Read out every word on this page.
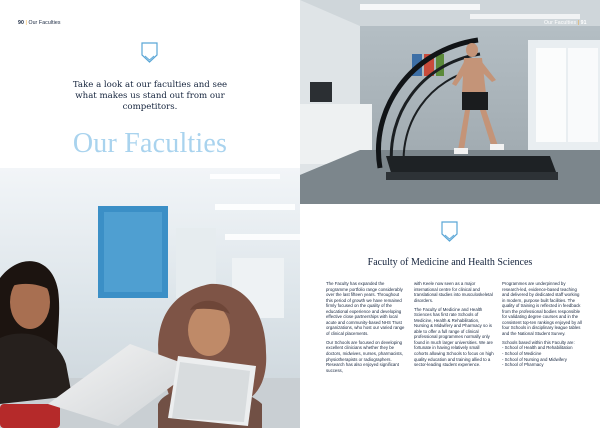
90 | Our Faculties
Take a look at our faculties and see what makes us stand out from our competitors.
Our Faculties
Our Faculties | 91
Faculty of Medicine and Health Sciences

The Faculty has expanded the programme portfolio range considerably over the last fifteen years. Throughout this period of growth we have remained firmly focused on the quality of the educational experience and developing effective close partnerships with local acute and community-based NHS Trust organizations, who host our varied range of clinical placements.

Our Schools are focused on developing excellent clinicians whether they be doctors, midwives, nurses, pharmacists, physiotherapists or radiographers. Research has also enjoyed significant success,

with Keele now seen as a major international centre for clinical and translational studies into musculoskeletal disorders.

The Faculty of Medicine and Health Sciences has first rate Schools of Medicine, Health & Rehabilitation, Nursing & Midwifery and Pharmacy so is able to offer a full range of clinical professional programmes normally only found in much larger universities. We are fortunate in having relatively small cohorts allowing Schools to focus on high quality education and training allied to a sector-leading student experience.

Programmes are underpinned by research-led, evidence-based teaching and delivered by dedicated staff working in modern, purpose built facilities. The quality of training is reflected in feedback from the professional bodies responsible for validating degree courses and in the consistent top-ten rankings enjoyed by all four Schools in disciplinary league tables and the National Student Survey.

Schools based within this Faculty are:

- School of Health and Rehabilitation

- School of Medicine

- School of Nursing and Midwifery

- School of Pharmacy
